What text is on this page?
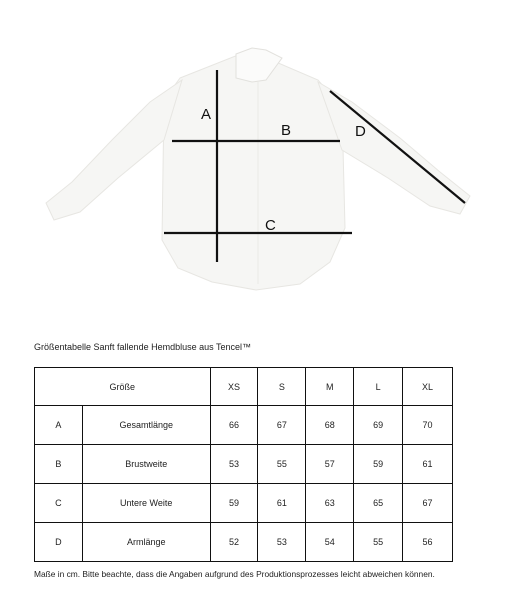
A
B
C
D
Größentabelle Sanft fallende Hemdbluse aus Tencel™
Größe		XS	S	M	L	XL
A	Gesamtlänge	66	67	68	69	70
B	Brustweite	53	55	57	59	61
C	Untere Weite	59	61	63	65	67
D	Armlänge	52	53	54	55	56
Maße in cm. Bitte beachte, dass die Angaben aufgrund des Produktionsprozesses leicht abweichen können.
